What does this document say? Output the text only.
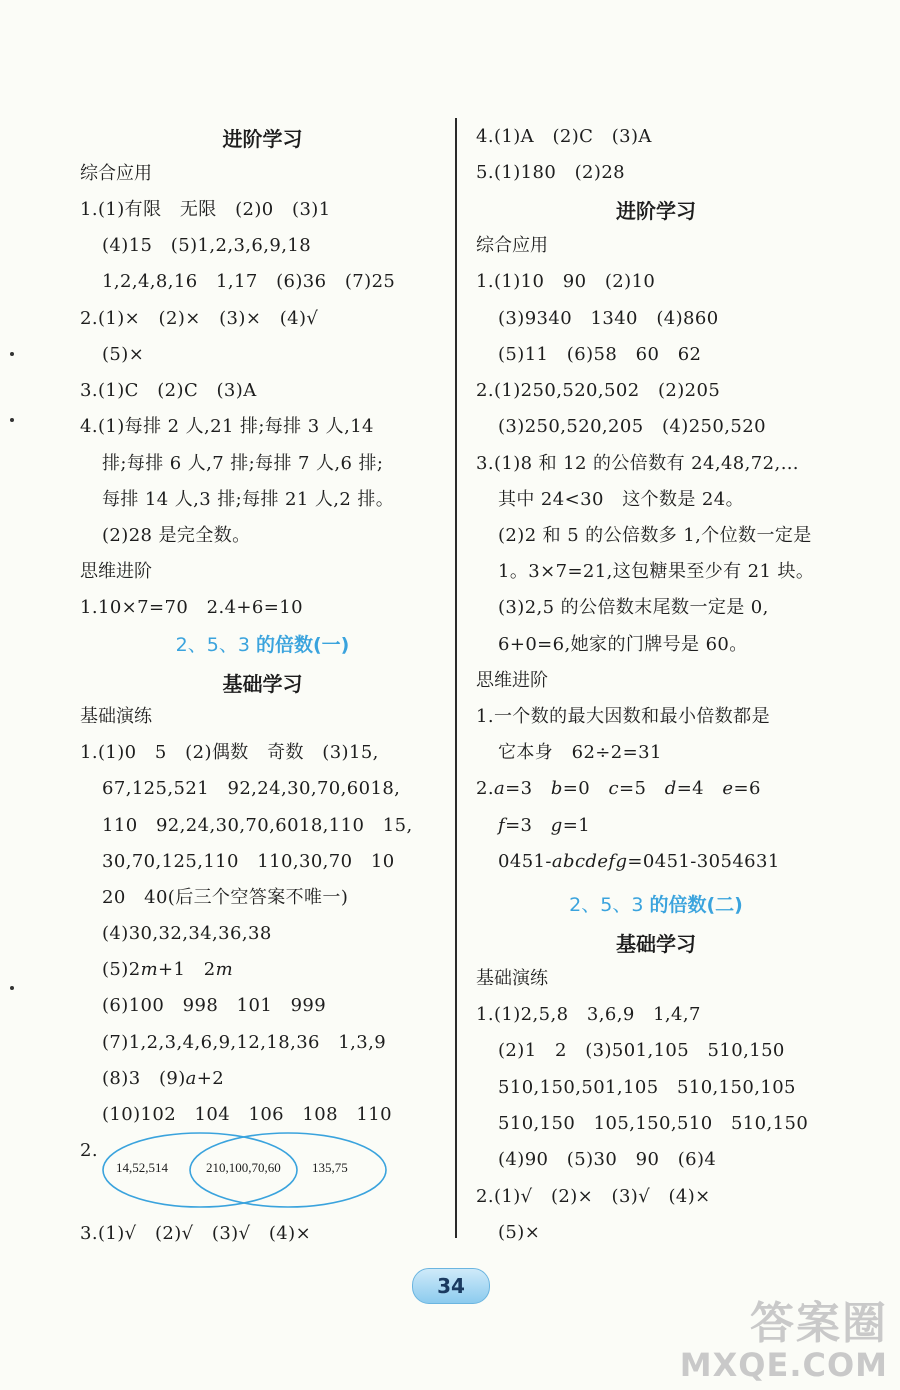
进阶学习
综合应用
1.(1)有限　无限　(2)0　(3)1
(4)15　(5)1,2,3,6,9,18
1,2,4,8,16　1,17　(6)36　(7)25
2.(1)×　(2)×　(3)×　(4)√
(5)×
3.(1)C　(2)C　(3)A
4.(1)每排 2 人,21 排;每排 3 人,14
排;每排 6 人,7 排;每排 7 人,6 排;
每排 14 人,3 排;每排 21 人,2 排。
(2)28 是完全数。
思维进阶
1.10×7=70　2.4+6=10
2、5、3 的倍数(一)
基础学习
基础演练
1.(1)0　5　(2)偶数　奇数　(3)15,
67,125,521　92,24,30,70,6018,
110　92,24,30,70,6018,110　15,
30,70,125,110　110,30,70　10
20　40(后三个空答案不唯一)
(4)30,32,34,36,38
(5)2m+1　2m
(6)100　998　101　999
(7)1,2,3,4,6,9,12,18,36　1,3,9
(8)3　(9)a+2
(10)102　104　106　108　110
2.
14,52,514	210,100,70,60 135,75
3.(1)√　(2)√　(3)√　(4)×
4.(1)A　(2)C　(3)A
5.(1)180　(2)28
进阶学习
综合应用
1.(1)10　90　(2)10
(3)9340　1340　(4)860
(5)11　(6)58　60　62
2.(1)250,520,502　(2)205
(3)250,520,205　(4)250,520
3.(1)8 和 12 的公倍数有 24,48,72,…
其中 24<30　这个数是 24。
(2)2 和 5 的公倍数多 1,个位数一定是
1。3×7=21,这包糖果至少有 21 块。
(3)2,5 的公倍数末尾数一定是 0,
6+0=6,她家的门牌号是 60。
思维进阶
1.一个数的最大因数和最小倍数都是
它本身　62÷2=31
2.a=3　b=0　c=5　d=4　e=6
f=3　g=1
0451-abcdefg=0451-3054631
2、5、3 的倍数(二)
基础学习
基础演练
1.(1)2,5,8　3,6,9　1,4,7
(2)1　2　(3)501,105　510,150
510,150,501,105　510,150,105
510,150　105,150,510　510,150
(4)90　(5)30　90　(6)4
2.(1)√　(2)×　(3)√　(4)×
(5)×
34
答案圈
MXQE.COM
